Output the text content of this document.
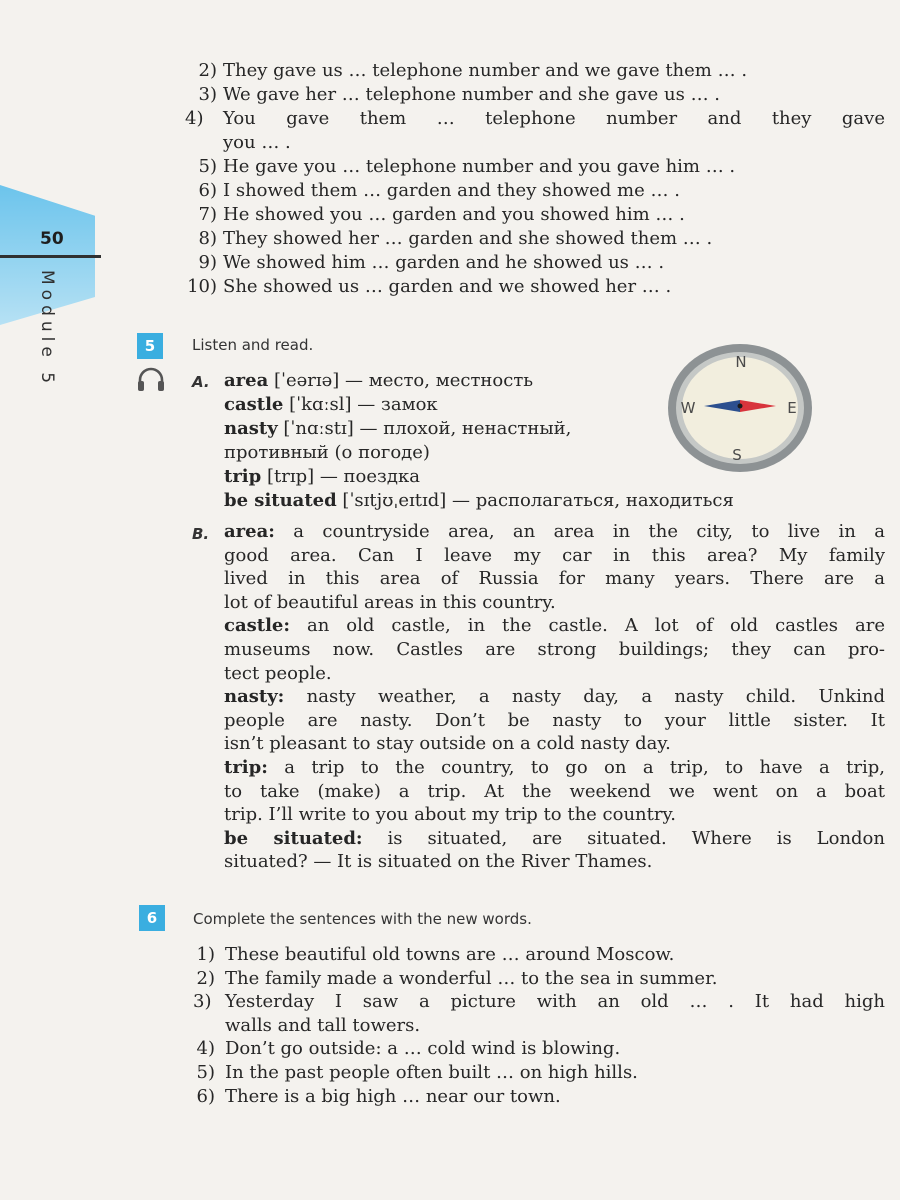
50
Module 5
2) They gave us … telephone number and we gave them … .
3) We gave her … telephone number and she gave us … .
4) You gave them … telephone number and they gave
you … .
5) He gave you … telephone number and you gave him … .
6) I showed them … garden and they showed me … .
7) He showed you … garden and you showed him … .
8) They showed her … garden and she showed them … .
9) We showed him … garden and he showed us … .
10) She showed us … garden and we showed her … .
5	Listen and read.
A. area [ˈeərɪə] — место, местность
castle [ˈkɑːsl] — замок
nasty [ˈnɑːstɪ] — плохой, ненастный,
противный (о погоде)
trip [trɪp] — поездка
be situated [ˈsɪtjʊˌeɪtɪd] — располагаться, находиться
N
S
W	E
B. area: a countryside area, an area in the city, to live in a
good area. Can I leave my car in this area? My family
lived in this area of Russia for many years. There are a
lot of beautiful areas in this country.
castle: an old castle, in the castle. A lot of old castles are
museums now. Castles are strong buildings; they can pro-
tect people.
nasty: nasty weather, a nasty day, a nasty child. Unkind
people are nasty. Don’t be nasty to your little sister. It
isn’t pleasant to stay outside on a cold nasty day.
trip: a trip to the country, to go on a trip, to have a trip,
to take (make) a trip. At the weekend we went on a boat
trip. I’ll write to you about my trip to the country.
be situated: is situated, are situated. Where is London
situated? — It is situated on the River Thames.
6	Complete the sentences with the new words.
1) These beautiful old towns are … around Moscow.
2) The family made a wonderful … to the sea in summer.
3) Yesterday I saw a picture with an old … . It had high
walls and tall towers.
4) Don’t go outside: a … cold wind is blowing.
5) In the past people often built … on high hills.
6) There is a big high … near our town.
